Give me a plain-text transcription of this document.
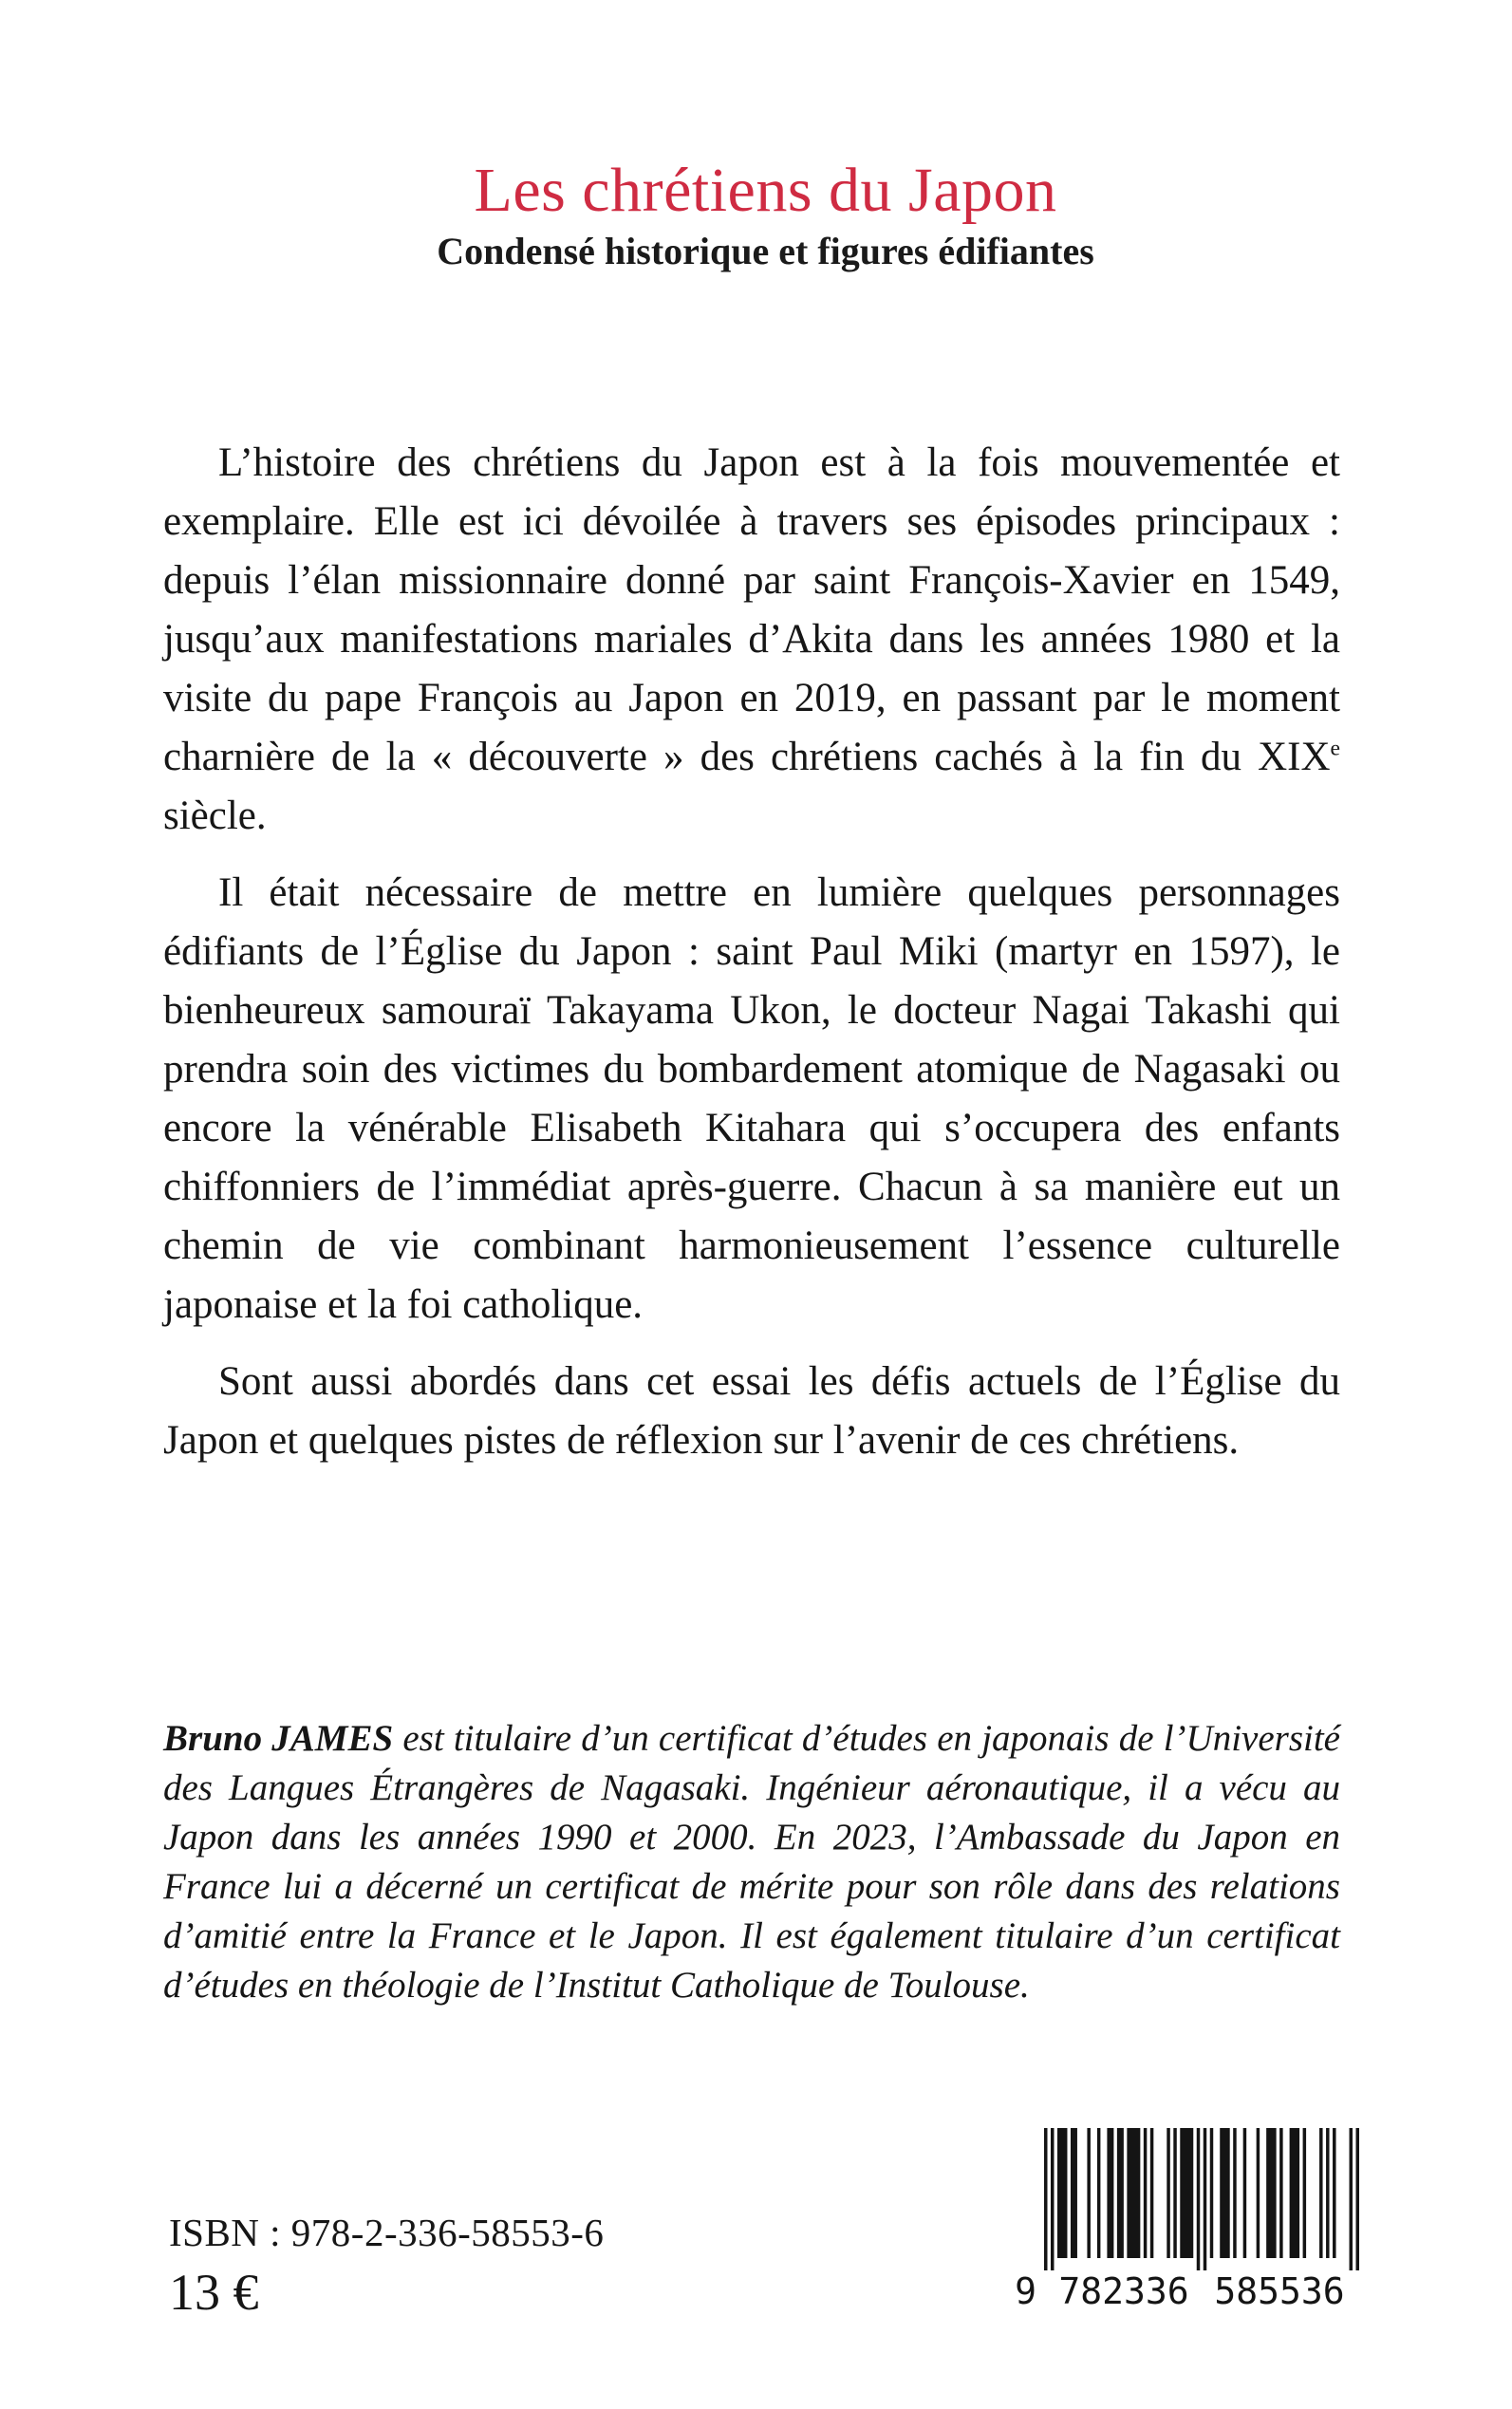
Les chrétiens du Japon
Condensé historique et figures édifiantes

L’histoire des chrétiens du Japon est à la fois mouvementée et exemplaire. Elle est ici dévoilée à travers ses épisodes principaux : depuis l’élan missionnaire donné par saint François-Xavier en 1549, jusqu’aux manifestations mariales d’Akita dans les années 1980 et la visite du pape François au Japon en 2019, en passant par le moment charnière de la « découverte » des chrétiens cachés à la fin du XIXe siècle.

Il était nécessaire de mettre en lumière quelques personnages édifiants de l’Église du Japon : saint Paul Miki (martyr en 1597), le bienheureux samouraï Takayama Ukon, le docteur Nagai Takashi qui prendra soin des victimes du bombardement atomique de Nagasaki ou encore la vénérable Elisabeth Kitahara qui s’occupera des enfants chiffonniers de l’immédiat après-guerre. Chacun à sa manière eut un chemin de vie combinant harmonieusement l’essence culturelle japonaise et la foi catholique.

Sont aussi abordés dans cet essai les défis actuels de l’Église du Japon et quelques pistes de réflexion sur l’avenir de ces chrétiens.

Bruno JAMES est titulaire d’un certificat d’études en japonais de l’Université des Langues Étrangères de Nagasaki. Ingénieur aéronautique, il a vécu au Japon dans les années 1990 et 2000. En 2023, l’Ambassade du Japon en France lui a décerné un certificat de mérite pour son rôle dans des relations d’amitié entre la France et le Japon. Il est également titulaire d’un certificat d’études en théologie de l’Institut Catholique de Toulouse.
ISBN : 978-2-336-58553-6
13 €	9 782336 585536
